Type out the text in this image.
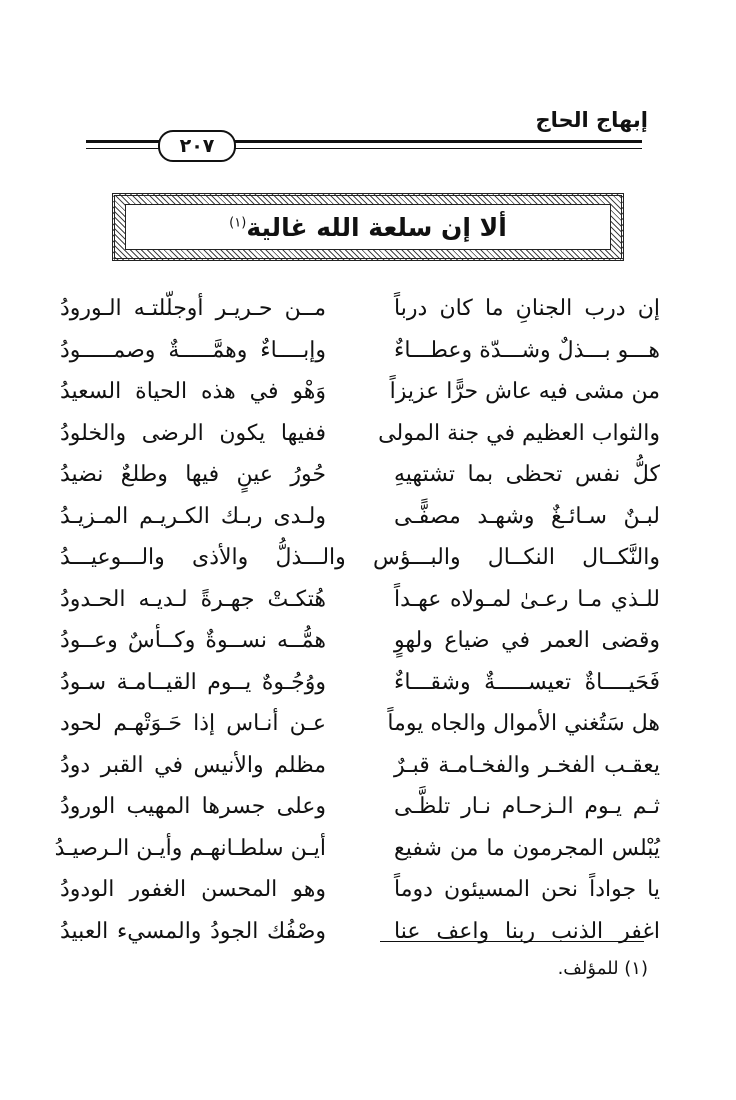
إبهاج الحاج
٢٠٧
ألا إن سلعة الله غالية$^{(١)}$
إن درب الجنانِ ما كان درباً
مــن حـريـر أوجلّلتـه الـورودُ
هـــو بـــذلٌ وشـــدّة وعطـــاءٌ
وإبــــاءٌ وهمَّـــــةٌ وصمـــــودُ
من مشى فيه عاش حرًّا عزيزاً
وَهْو في هذه الحياة السعيدُ
والثواب العظيم في جنة المولى
ففيها يكون الرضى والخلودُ
كلُّ نفس تحظى بما تشتهيهِ
حُورُ عينٍ فيها وطلعٌ نضيدُ
لبـنٌ سـائـغٌ وشهـد مصفًّـى
ولـدى ربـك الكـريـم المـزيـدُ
والنَّكــال النكــال والبـــؤس والـــذلُّ والأذى والـــوعيـــدُ
للـذي مـا رعـىٰ لمـولاه عهـداً
هُتكـتْ جهـرةً لـديـه الحـدودُ
وقضى العمر في ضياع ولهوٍ
همُّــه نســوةٌ وكــأسٌ وعــودُ
فَحَيــــاةٌ تعيســـــةٌ وشقـــاءٌ
ووُجُـوهٌ يــوم القيــامـة سـودُ
هل سَتُغني الأموال والجاه يوماً
عـن أنـاس إذا حَـوَتْهـم لحود
يعقـب الفخـر والفخـامـة قبـرٌ
مظلم والأنيس في القبر دودُ
ثـم يـوم الـزحـام نـار تلظَّـى
وعلى جسرها المهيب الورودُ
يُبْلس المجرمون ما من شفيع
أيـن سلطـانهـم وأيـن الـرصيـدُ
يا جواداً نحن المسيئون دوماً
وهو المحسن الغفور الودودُ
اغفر الذنب ربنا واعف عنا
وصْفُك الجودُ والمسيء العبيدُ
(١) للمؤلف.
